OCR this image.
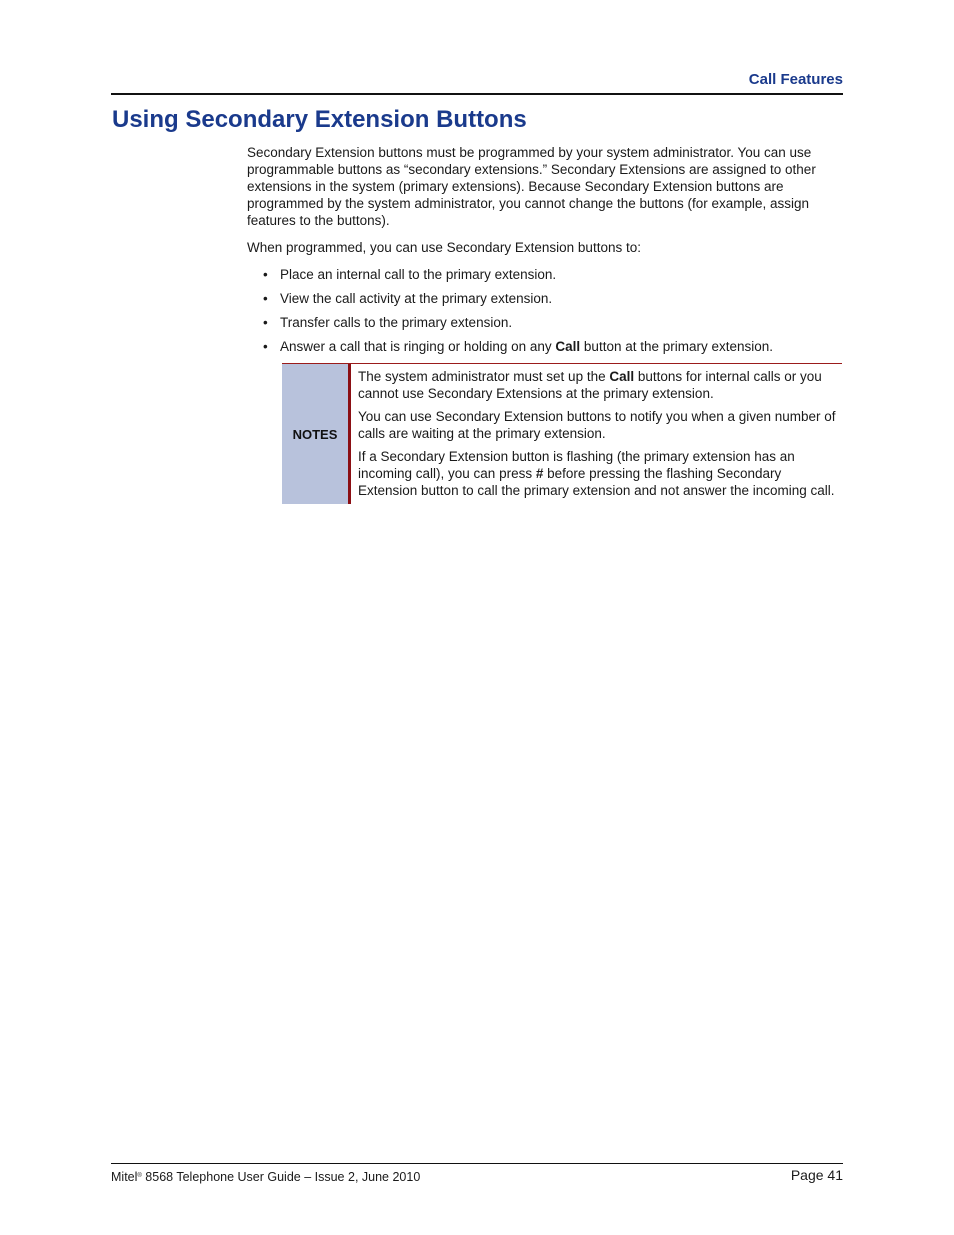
Call Features
Using Secondary Extension Buttons

Secondary Extension buttons must be programmed by your system administrator. You can use programmable buttons as “secondary extensions.” Secondary Extensions are assigned to other extensions in the system (primary extensions). Because Secondary Extension buttons are programmed by the system administrator, you cannot change the buttons (for example, assign features to the buttons).

When programmed, you can use Secondary Extension buttons to:

• Place an internal call to the primary extension.
• View the call activity at the primary extension.
• Transfer calls to the primary extension.
• Answer a call that is ringing or holding on any Call button at the primary extension.
NOTES

The system administrator must set up the Call buttons for internal calls or you cannot use Secondary Extensions at the primary extension.

You can use Secondary Extension buttons to notify you when a given number of calls are waiting at the primary extension.

If a Secondary Extension button is flashing (the primary extension has an incoming call), you can press # before pressing the flashing Secondary Extension button to call the primary extension and not answer the incoming call.

Mitel® 8568 Telephone User Guide – Issue 2, June 2010	Page 41
